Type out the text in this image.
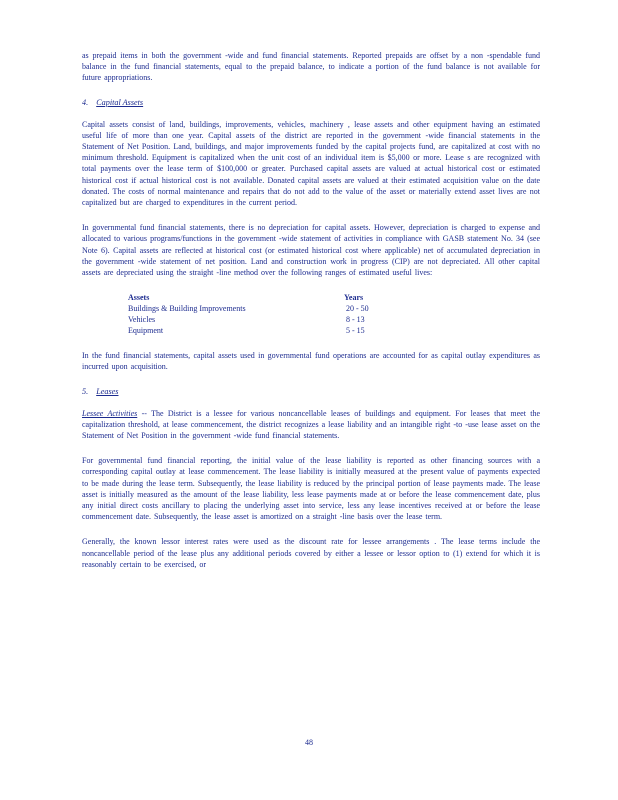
as prepaid items in both the government -wide and fund financial statements. Reported prepaids are offset by a non -spendable fund balance in the fund financial statements, equal to the prepaid balance, to indicate a portion of the fund balance is not available for future appropriations.

4. Capital Assets

Capital assets consist of land, buildings, improvements, vehicles, machinery , lease assets and other equipment having an estimated useful life of more than one year. Capital assets of the district are reported in the government -wide financial statements in the Statement of Net Position. Land, buildings, and major improvements funded by the capital projects fund, are capitalized at cost with no minimum threshold. Equipment is capitalized when the unit cost of an individual item is $5,000 or more. Lease s are recognized with total payments over the lease term of $100,000 or greater. Purchased capital assets are valued at actual historical cost or estimated historical cost if actual historical cost is not available. Donated capital assets are valued at their estimated acquisition value on the date donated. The costs of normal maintenance and repairs that do not add to the value of the asset or materially extend asset lives are not capitalized but are charged to expenditures in the current period.

In governmental fund financial statements, there is no depreciation for capital assets. However, depreciation is charged to expense and allocated to various programs/functions in the government -wide statement of activities in compliance with GASB statement No. 34 (see Note 6). Capital assets are reflected at historical cost (or estimated historical cost where applicable) net of accumulated depreciation in the government -wide statement of net position. Land and construction work in progress (CIP) are not depreciated. All other capital assets are depreciated using the straight -line method over the following ranges of estimated useful lives:

Assets	Years
Buildings & Building Improvements	20 - 50
Vehicles	8 - 13
Equipment	5 - 15

In the fund financial statements, capital assets used in governmental fund operations are accounted for as capital outlay expenditures as incurred upon acquisition.

5. Leases

Lessee Activities -- The District is a lessee for various noncancellable leases of buildings and equipment. For leases that meet the capitalization threshold, at lease commencement, the district recognizes a lease liability and an intangible right -to -use lease asset on the Statement of Net Position in the government -wide fund financial statements.

For governmental fund financial reporting, the initial value of the lease liability is reported as other financing sources with a corresponding capital outlay at lease commencement. The lease liability is initially measured at the present value of payments expected to be made during the lease term. Subsequently, the lease liability is reduced by the principal portion of lease payments made. The lease asset is initially measured as the amount of the lease liability, less lease payments made at or before the lease commencement date, plus any initial direct costs ancillary to placing the underlying asset into service, less any lease incentives received at or before the lease commencement date. Subsequently, the lease asset is amortized on a straight -line basis over the lease term.

Generally, the known lessor interest rates were used as the discount rate for lessee arrangements . The lease terms include the noncancellable period of the lease plus any additional periods covered by either a lessee or lessor option to (1) extend for which it is reasonably certain to be exercised, or

48
